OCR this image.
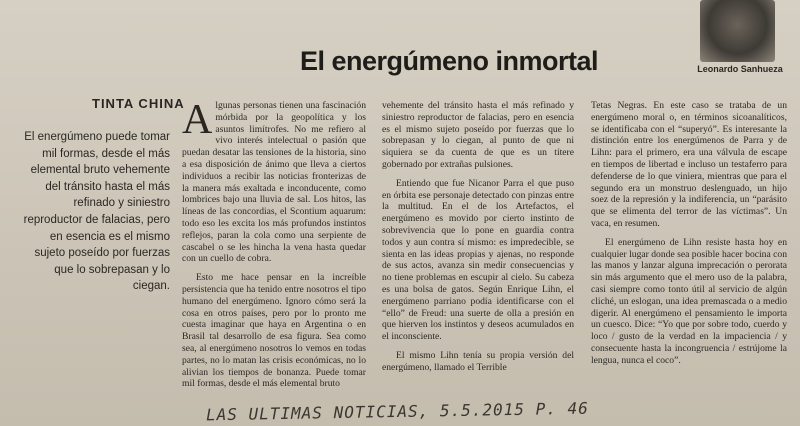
Leonardo Sanhueza
El energúmeno inmortal
TINTA CHINA
El energúmeno puede tomar mil formas, desde el más elemental bruto vehemente del tránsito hasta el más refinado y siniestro reproductor de falacias, pero en esencia es el mismo sujeto poseído por fuerzas que lo sobrepasan y lo ciegan.
Algunas personas tienen una fascinación mórbida por la geopolítica y los asuntos limítrofes. No me refiero al vivo interés intelectual o pasión que puedan desatar las tensiones de la historia, sino a esa disposición de ánimo que lleva a ciertos individuos a recibir las noticias fronterizas de la manera más exaltada e inconducente, como lombrices bajo una lluvia de sal. Los hitos, las líneas de las concordias, el Scontium aquarum: todo eso les excita los más profundos instintos reflejos, paran la cola como una serpiente de cascabel o se les hincha la vena hasta quedar con un cuello de cobra.
Esto me hace pensar en la increíble persistencia que ha tenido entre nosotros el tipo humano del energúmeno. Ignoro cómo será la cosa en otros países, pero por lo pronto me cuesta imaginar que haya en Argentina o en Brasil tal desarrollo de esa figura. Sea como sea, al energúmeno nosotros lo vemos en todas partes, no lo matan las crisis económicas, no lo alivian los tiempos de bonanza. Puede tomar mil formas, desde el más elemental bruto
vehemente del tránsito hasta el más refinado y siniestro reproductor de falacias, pero en esencia es el mismo sujeto poseído por fuerzas que lo sobrepasan y lo ciegan, al punto de que ni siquiera se da cuenta de que es un títere gobernado por extrañas pulsiones.
Entiendo que fue Nicanor Parra el que puso en órbita ese personaje detectado con pinzas entre la multitud. En el de los Artefactos, el energúmeno es movido por cierto instinto de sobrevivencia que lo pone en guardia contra todos y aun contra sí mismo: es impredecible, se sienta en las ideas propias y ajenas, no responde de sus actos, avanza sin medir consecuencias y no tiene problemas en escupir al cielo. Su cabeza es una bolsa de gatos. Según Enrique Lihn, el energúmeno parriano podía identificarse con el “ello” de Freud: una suerte de olla a presión en que hierven los instintos y deseos acumulados en el inconsciente.
El mismo Lihn tenía su propia versión del energúmeno, llamado el Terrible
Tetas Negras. En este caso se trataba de un energúmeno moral o, en términos sicoanalíticos, se identificaba con el “superyó”. Es interesante la distinción entre los energúmenos de Parra y de Lihn: para el primero, era una válvula de escape en tiempos de libertad e incluso un testaferro para defenderse de lo que viniera, mientras que para el segundo era un monstruo deslenguado, un hijo soez de la represión y la indiferencia, un “parásito que se elimenta del terror de las víctimas”. Un vaca, en resumen.
El energúmeno de Lihn resiste hasta hoy en cualquier lugar donde sea posible hacer bocina con las manos y lanzar alguna imprecación o perorata sin más argumento que el mero uso de la palabra, casi siempre como tonto útil al servicio de algún cliché, un eslogan, una idea premascada o a medio digerir. Al energúmeno el pensamiento le importa un cuesco. Dice: “Yo que por sobre todo, cuerdo y loco / gusto de la verdad en la impaciencia / y consecuente hasta la incongruencia / estrújome la lengua, nunca el coco”.
LAS ULTIMAS NOTICIAS, 5.5.2015 P. 46
